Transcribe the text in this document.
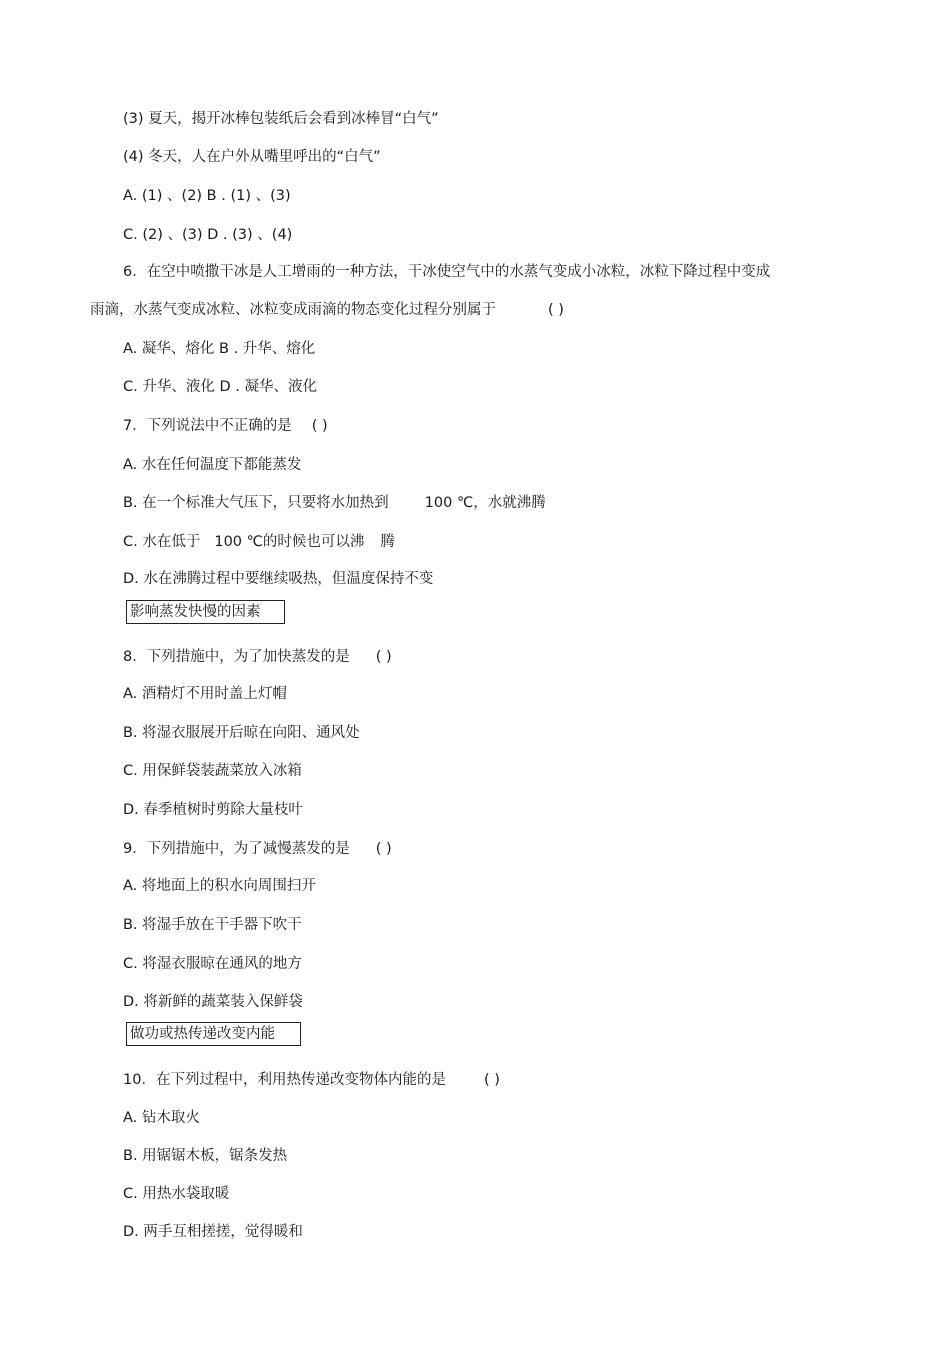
(3) 夏天，揭开冰棒包装纸后会看到冰棒冒“白气”
(4) 冬天，人在户外从嘴里呼出的“白气”
A. (1) 、(2) B . (1) 、(3)
C. (2) 、(3) D . (3) 、(4)
6．在空中喷撒干冰是人工增雨的一种方法，干冰使空气中的水蒸气变成小冰粒，冰粒下降过程中变成
雨滴，水蒸气变成冰粒、冰粒变成雨滴的物态变化过程分别属于	( )
A. 凝华、熔化 B . 升华、熔化
C. 升华、液化 D . 凝华、液化
7．下列说法中不正确的是 ( )
A. 水在任何温度下都能蒸发
B. 在一个标准大气压下，只要将水加热到 100 ℃，水就沸腾
C. 水在低于 100 ℃的时候也可以沸 腾
D. 水在沸腾过程中要继续吸热，但温度保持不变
影响蒸发快慢的因素
8．下列措施中，为了加快蒸发的是 ( )
A. 酒精灯不用时盖上灯帽
B. 将湿衣服展开后晾在向阳、通风处
C. 用保鲜袋装蔬菜放入冰箱
D. 春季植树时剪除大量枝叶
9．下列措施中，为了减慢蒸发的是 ( )
A. 将地面上的积水向周围扫开
B. 将湿手放在干手器下吹干
C. 将湿衣服晾在通风的地方
D. 将新鲜的蔬菜装入保鲜袋
做功或热传递改变内能
10．在下列过程中，利用热传递改变物体内能的是	( )
A. 钻木取火
B. 用锯锯木板，锯条发热
C. 用热水袋取暖
D. 两手互相搓搓，觉得暖和
